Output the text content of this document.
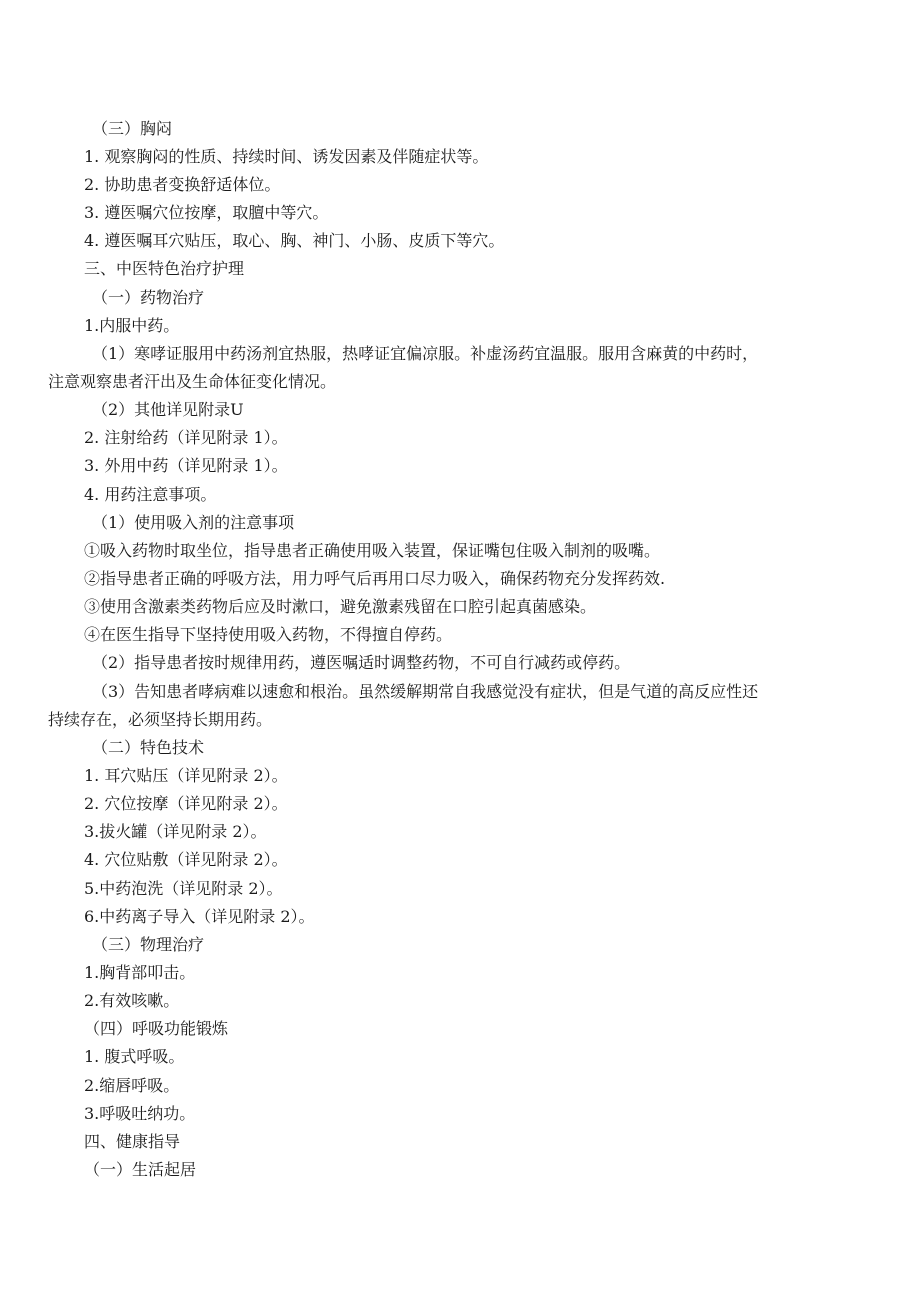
（三）胸闷
1. 观察胸闷的性质、持续时间、诱发因素及伴随症状等。
2. 协助患者变换舒适体位。
3. 遵医嘱穴位按摩，取膻中等穴。
4. 遵医嘱耳穴贴压，取心、胸、神门、小肠、皮质下等穴。
三、中医特色治疗护理
（一）药物治疗
1.内服中药。
（1）寒哮证服用中药汤剂宜热服，热哮证宜偏凉服。补虚汤药宜温服。服用含麻黄的中药时，
注意观察患者汗出及生命体征变化情况。
（2）其他详见附录U
2. 注射给药（详见附录 1）。
3. 外用中药（详见附录 1）。
4. 用药注意事项。
（1）使用吸入剂的注意事项
①吸入药物时取坐位，指导患者正确使用吸入装置，保证嘴包住吸入制剂的吸嘴。
②指导患者正确的呼吸方法，用力呼气后再用口尽力吸入，确保药物充分发挥药效.
③使用含激素类药物后应及时漱口，避免激素残留在口腔引起真菌感染。
④在医生指导下坚持使用吸入药物，不得擅自停药。
（2）指导患者按时规律用药，遵医嘱适时调整药物，不可自行减药或停药。
（3）告知患者哮病难以速愈和根治。虽然缓解期常自我感觉没有症状，但是气道的高反应性还
持续存在，必须坚持长期用药。
（二）特色技术
1. 耳穴贴压（详见附录 2）。
2. 穴位按摩（详见附录 2）。
3.拔火罐（详见附录 2）。
4. 穴位贴敷（详见附录 2）。
5.中药泡洗（详见附录 2）。
6.中药离子导入（详见附录 2）。
（三）物理治疗
1.胸背部叩击。
2.有效咳嗽。
（四）呼吸功能锻炼
1. 腹式呼吸。
2.缩唇呼吸。
3.呼吸吐纳功。
四、健康指导
（一）生活起居
